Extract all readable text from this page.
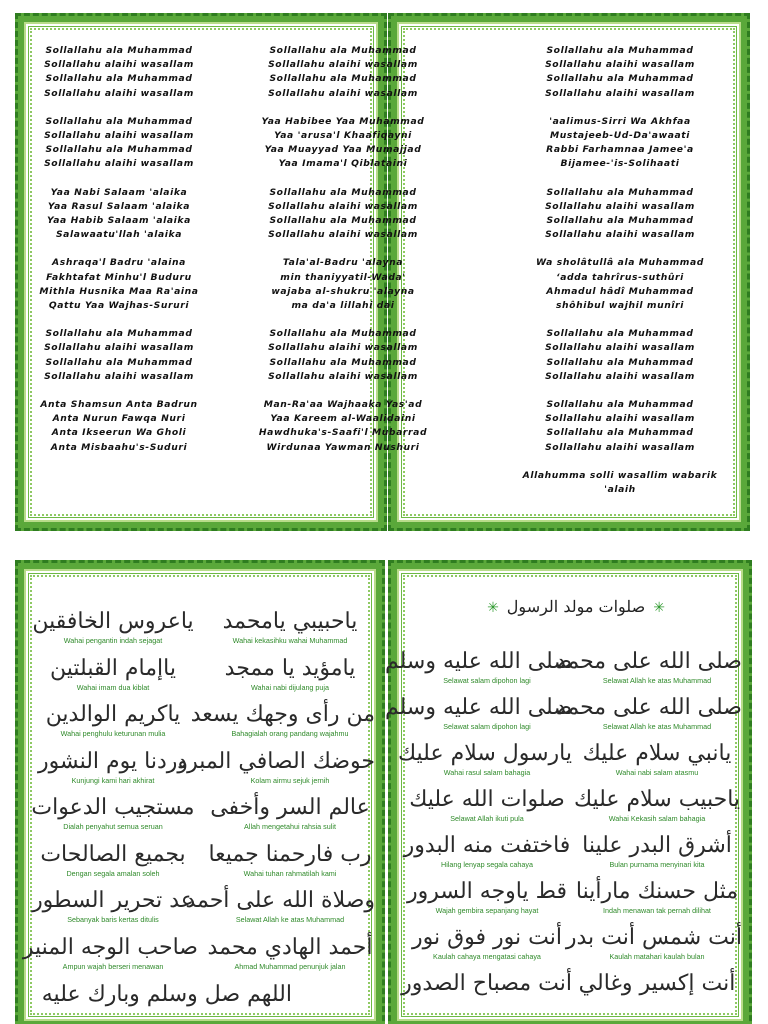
Sollallahu ala Muhammad
Sollallahu alaihi wasallam
Sollallahu ala Muhammad
Sollallahu alaihi wasallam
Sollallahu ala Muhammad
Sollallahu alaihi wasallam
Sollallahu ala Muhammad
Sollallahu alaihi wasallam
Yaa Nabi Salaam 'alaika
Yaa Rasul Salaam 'alaika
Yaa Habib Salaam 'alaika
Salawaatu'llah 'alaika
Ashraqa'l Badru 'alaina
Fakhtafat Minhu'l Buduru
Mithla Husnika Maa Ra'aina
Qattu Yaa Wajhas-Sururi
Sollallahu ala Muhammad
Sollallahu alaihi wasallam
Sollallahu ala Muhammad
Sollallahu alaihi wasallam
Anta Shamsun Anta Badrun
Anta Nurun Fawqa Nuri
Anta Ikseerun Wa Gholi
Anta Misbaahu's-Suduri
Sollallahu ala Muhammad
Sollallahu alaihi wasallam
Sollallahu ala Muhammad
Sollallahu alaihi wasallam
Yaa Habibee Yaa Muhammad
Yaa 'arusa'l Khaafiqayni
Yaa Muayyad Yaa Mumajjad
Yaa Imama'l Qiblataini
Sollallahu ala Muhammad
Sollallahu alaihi wasallam
Sollallahu ala Muhammad
Sollallahu alaihi wasallam
Tala'al-Badru 'alayna
min thaniyyatil-Wada'
wajaba al-shukru 'alayna
ma da'a lillahi dai
Sollallahu ala Muhammad
Sollallahu alaihi wasallam
Sollallahu ala Muhammad
Sollallahu alaihi wasallam
Man-Ra'aa Wajhaaka Yas'ad
Yaa Kareem al-Waalidaini
Hawdhuka's-Saafi'l Mubarrad
Wirdunaa Yawman Nushuri
Sollallahu ala Muhammad
Sollallahu alaihi wasallam
Sollallahu ala Muhammad
Sollallahu alaihi wasallam
'aalimus-Sirri Wa Akhfaa
Mustajeeb-Ud-Da'awaati
Rabbi Farhamnaa Jamee'a
Bijamee-'is-Solihaati
Sollallahu ala Muhammad
Sollallahu alaihi wasallam
Sollallahu ala Muhammad
Sollallahu alaihi wasallam
Wa sholâtullâ ala Muhammad
‘adda tahrîrus-suthûri
Ahmadul hâdî Muhammad
shôhibul wajhil munîri
Sollallahu ala Muhammad
Sollallahu alaihi wasallam
Sollallahu ala Muhammad
Sollallahu alaihi wasallam
Sollallahu ala Muhammad
Sollallahu alaihi wasallam
Sollallahu ala Muhammad
Sollallahu alaihi wasallam
Allahumma solli wasallim wabarik
'alaih
✳صلوات مولد الرسول✳
ياحبيبي يامحمد
Wahai kekasihku wahai Muhammad
يامؤيد يا ممجد
Wahai nabi dijulang puja
من رأى وجهك يسعد
Bahagialah orang pandang wajahmu
حوضك الصافي المبرد
Kolam airmu sejuk jernih
عالم السر وأخفى
Allah mengetahui rahsia sulit
رب فارحمنا جميعا
Wahai tuhan rahmatilah kami
وصلاة الله على أحمد
Selawat Allah ke atas Muhammad
أحمد الهادي محمد
Ahmad Muhammad penunjuk jalan
ياعروس الخافقين
Wahai pengantin indah sejagat
ياإمام القبلتين
Wahai imam dua kiblat
ياكريم الوالدين
Wahai penghulu keturunan mulia
وردنا يوم النشور
Kunjungi kami hari akhirat
مستجيب الدعوات
Dialah penyahut semua seruan
بجميع الصالحات
Dengan segala amalan soleh
عد تحرير السطور
Sebanyak baris kertas ditulis
صاحب الوجه المنير
Ampun wajah berseri menawan
صلى الله على محمد
Selawat Allah ke atas Muhammad
صلى الله على محمد
Selawat Allah ke atas Muhammad
يانبي سلام عليك
Wahai nabi salam atasmu
ياحبيب سلام عليك
Wahai Kekasih salam bahagia
أشرق البدر علينا
Bulan purnama menyinari kita
مثل حسنك مارأينا
Indah menawan tak pernah dilihat
أنت شمس أنت بدر
Kaulah matahari kaulah bulan
أنت إكسير وغالي
صلى الله عليه وسلم
Selawat salam dipohon lagi
صلى الله عليه وسلم
Selawat salam dipohon lagi
يارسول سلام عليك
Wahai rasul salam bahagia
صلوات الله عليك
Selawat Allah ikuti pula
فاختفت منه البدور
Hilang lenyap segala cahaya
قط ياوجه السرور
Wajah gembira sepanjang hayat
أنت نور فوق نور
Kaulah cahaya mengatasi cahaya
أنت مصباح الصدور
اللهم صل وسلم وبارك عليه
